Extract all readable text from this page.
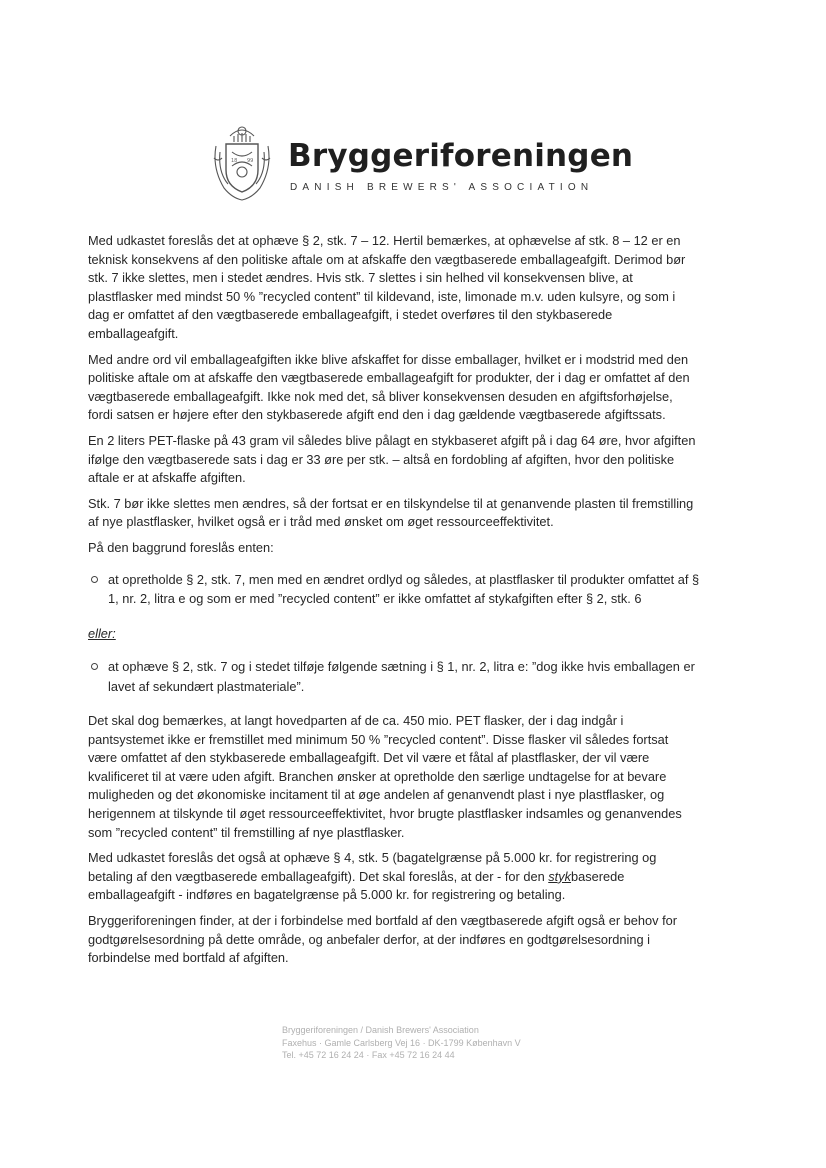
18 99 Bryggeriforeningen
DANISH BREWERS' ASSOCIATION

Med udkastet foreslås det at ophæve § 2, stk. 7 – 12. Hertil bemærkes, at ophævelse af stk. 8 – 12 er en teknisk konsekvens af den politiske aftale om at afskaffe den vægtbaserede emballageafgift. Derimod bør stk. 7 ikke slettes, men i stedet ændres. Hvis stk. 7 slettes i sin helhed vil konsekvensen blive, at plastflasker med mindst 50 % ”recycled content” til kildevand, iste, limonade m.v. uden kulsyre, og som i dag er omfattet af den vægtbaserede emballageafgift, i stedet overføres til den stykbaserede emballageafgift.

Med andre ord vil emballageafgiften ikke blive afskaffet for disse emballager, hvilket er i modstrid med den politiske aftale om at afskaffe den vægtbaserede emballageafgift for produkter, der i dag er omfattet af den vægtbaserede emballageafgift. Ikke nok med det, så bliver konsekvensen desuden en afgiftsforhøjelse, fordi satsen er højere efter den stykbaserede afgift end den i dag gældende vægtbaserede afgiftssats.

En 2 liters PET-flaske på 43 gram vil således blive pålagt en stykbaseret afgift på i dag 64 øre, hvor afgiften ifølge den vægtbaserede sats i dag er 33 øre per stk. – altså en fordobling af afgiften, hvor den politiske aftale er at afskaffe afgiften.

Stk. 7 bør ikke slettes men ændres, så der fortsat er en tilskyndelse til at genanvende plasten til fremstilling af nye plastflasker, hvilket også er i tråd med ønsket om øget ressourceeffektivitet.

På den baggrund foreslås enten:

at opretholde § 2, stk. 7, men med en ændret ordlyd og således, at plastflasker til produkter omfattet af § 1, nr. 2, litra e og som er med ”recycled content” er ikke omfattet af stykafgiften efter § 2, stk. 6

eller:

at ophæve § 2, stk. 7 og i stedet tilføje følgende sætning i § 1, nr. 2, litra e: ”dog ikke hvis emballagen er lavet af sekundært plastmateriale”.

Det skal dog bemærkes, at langt hovedparten af de ca. 450 mio. PET flasker, der i dag indgår i pantsystemet ikke er fremstillet med minimum 50 % ”recycled content”. Disse flasker vil således fortsat være omfattet af den stykbaserede emballageafgift. Det vil være et fåtal af plastflasker, der vil være kvalificeret til at være uden afgift. Branchen ønsker at opretholde den særlige undtagelse for at bevare muligheden og det økonomiske incitament til at øge andelen af genanvendt plast i nye plastflasker, og herigennem at tilskynde til øget ressourceeffektivitet, hvor brugte plastflasker indsamles og genanvendes som ”recycled content” til fremstilling af nye plastflasker.

Med udkastet foreslås det også at ophæve § 4, stk. 5 (bagatelgrænse på 5.000 kr. for registrering og betaling af den vægtbaserede emballageafgift). Det skal foreslås, at der - for den stykbaserede emballageafgift - indføres en bagatelgrænse på 5.000 kr. for registrering og betaling.

Bryggeriforeningen finder, at der i forbindelse med bortfald af den vægtbaserede afgift også er behov for godtgørelsesordning på dette område, og anbefaler derfor, at der indføres en godtgørelsesordning i forbindelse med bortfald af afgiften.

Bryggeriforeningen / Danish Brewers' Association
Faxehus · Gamle Carlsberg Vej 16 · DK-1799 København V
Tel. +45 72 16 24 24 · Fax +45 72 16 24 44
